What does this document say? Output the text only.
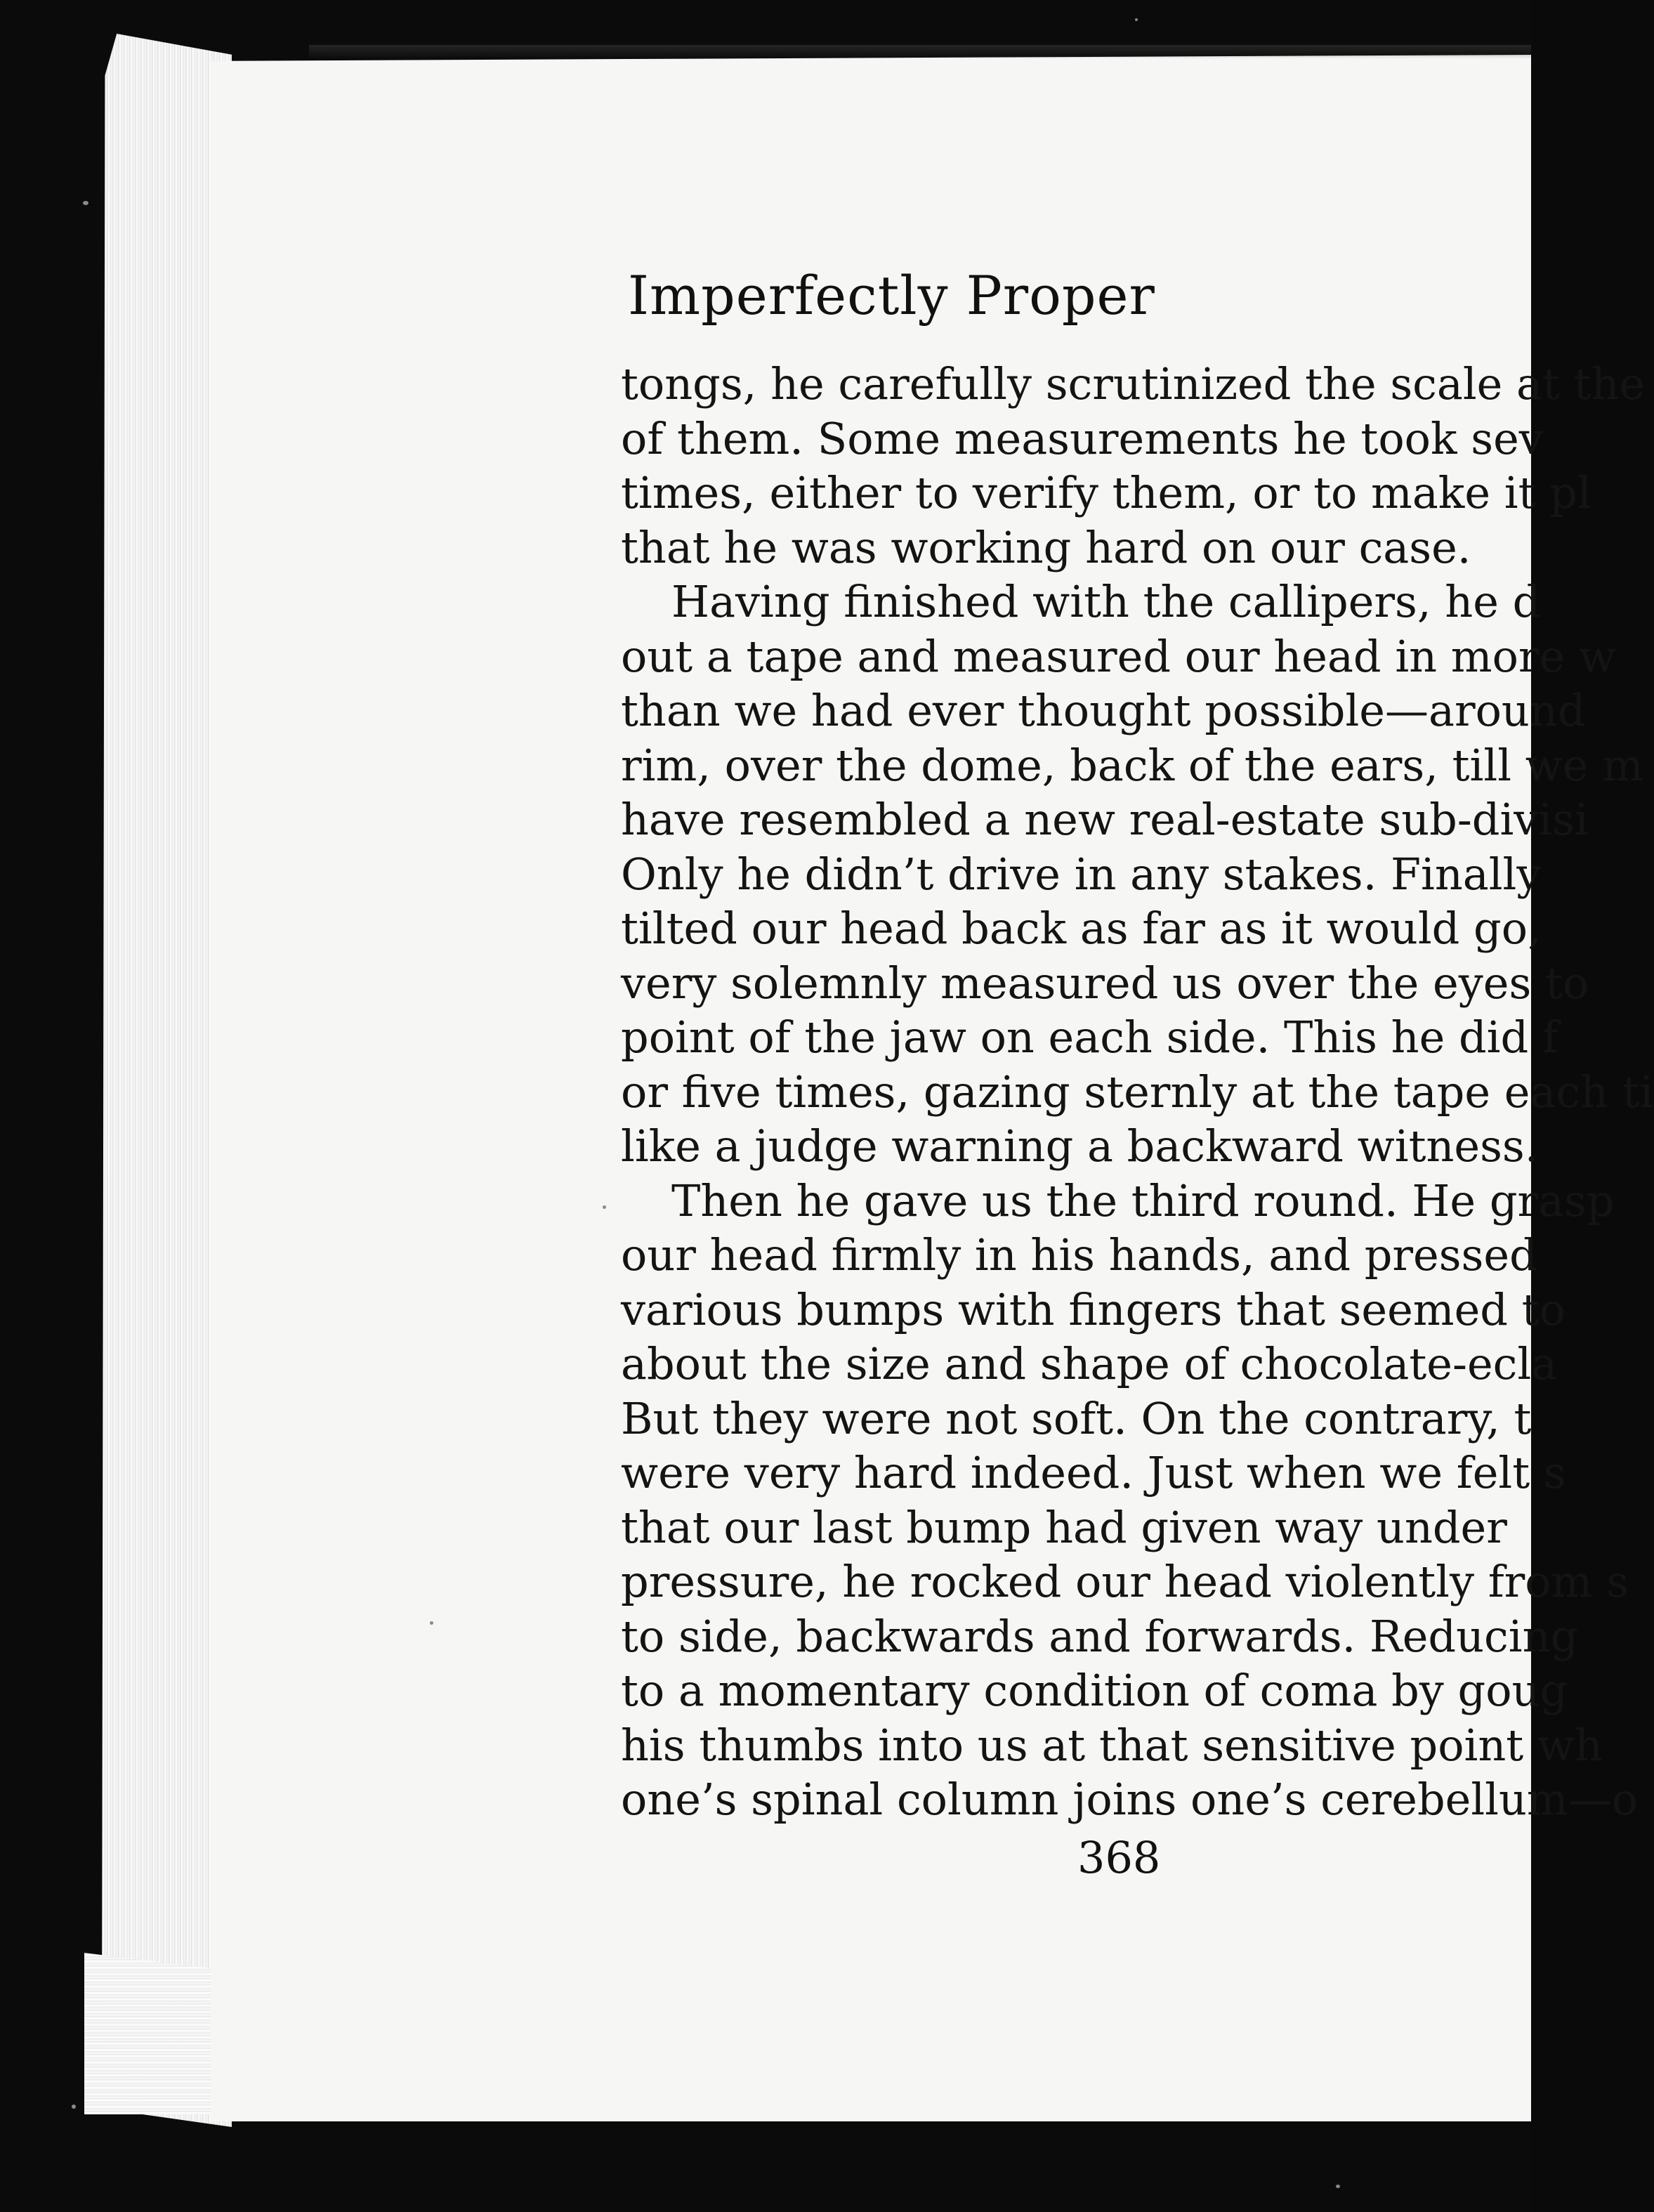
Imperfectly Proper
tongs, he carefully scrutinized the scale at the
of them. Some measurements he took sev
times, either to verify them, or to make it pl
that he was working hard on our case.
Having finished with the callipers, he d
out a tape and measured our head in more w
than we had ever thought possible—around
rim, over the dome, back of the ears, till we m
have resembled a new real-estate sub-divisi
Only he didn’t drive in any stakes. Finally
tilted our head back as far as it would go,
very solemnly measured us over the eyes to
point of the jaw on each side. This he did f
or five times, gazing sternly at the tape each ti
like a judge warning a backward witness.
Then he gave us the third round. He grasp
our head firmly in his hands, and pressed
various bumps with fingers that seemed to
about the size and shape of chocolate-ecla
But they were not soft. On the contrary, t
were very hard indeed. Just when we felt s
that our last bump had given way under
pressure, he rocked our head violently from s
to side, backwards and forwards. Reducing
to a momentary condition of coma by goug
his thumbs into us at that sensitive point wh
one’s spinal column joins one’s cerebellum—o
368
